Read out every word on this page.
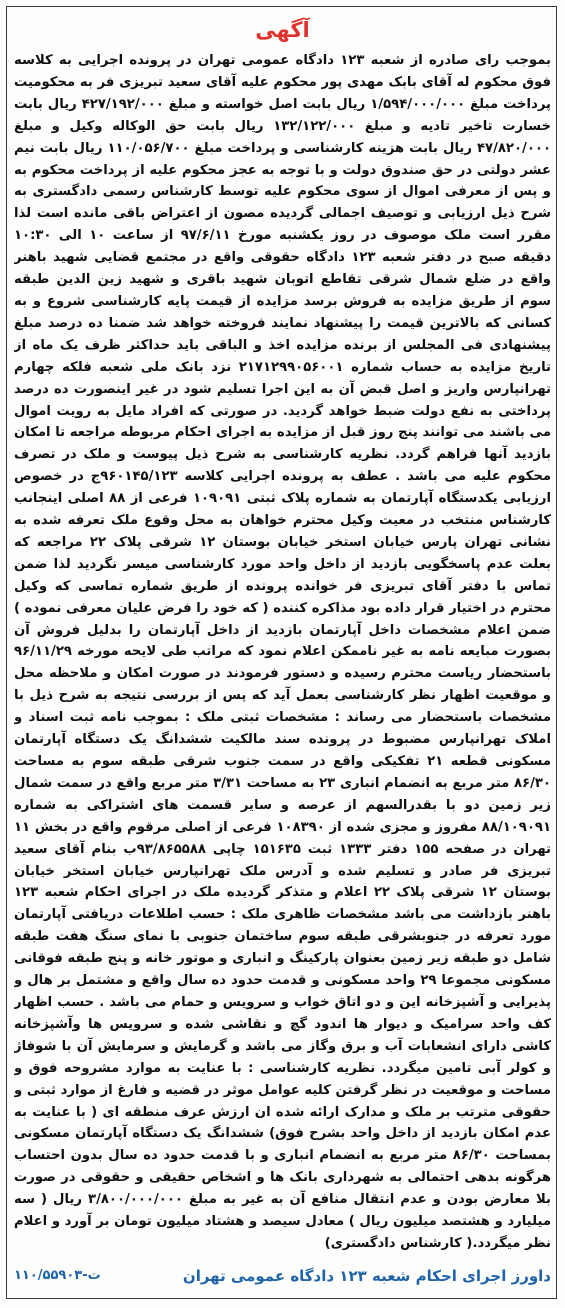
آگهی
بموجب رای صادره از شعبه ۱۲۳ دادگاه عمومی تهران در پرونده اجرایی به کلاسه فوق محکوم له آقای بابک مهدی پور محکوم علیه آقای سعید تبریزی فر به محکومیت پرداخت مبلغ ۱/۵۹۴/۰۰۰/۰۰۰ ریال بابت اصل خواسته و مبلغ ۴۲۷/۱۹۲/۰۰۰ ریال بابت خسارت تاخیر تادیه و مبلغ ۱۳۲/۱۲۲/۰۰۰ ریال بابت حق الوکاله وکیل و مبلغ ۴۷/۸۲۰/۰۰۰ ریال بابت هزینه کارشناسی و پرداخت مبلغ ۱۱۰/۰۵۶/۷۰۰ ریال بابت نیم عشر دولتی در حق صندوق دولت و با توجه به عجز محکوم علیه از پرداخت محکوم به و پس از معرفی اموال از سوی محکوم علیه توسط کارشناس رسمی دادگستری به شرح ذیل ارزیابی و توصیف اجمالی گردیده مصون از اعتراض باقی مانده است لذا مقرر است ملک موصوف در روز یکشنبه مورخ ۹۷/۶/۱۱ از ساعت ۱۰ الی ۱۰:۳۰ دقیقه صبح در دفتر شعبه ۱۲۳ دادگاه حقوقی واقع در مجتمع قضایی شهید باهنر واقع در ضلع شمال شرقی تقاطع اتوبان شهید باقری و شهید زین الدین طبقه سوم از طریق مزایده به فروش برسد مزایده از قیمت پایه کارشناسی شروع و به کسانی که بالاترین قیمت را پیشنهاد نمایند فروخته خواهد شد ضمنا ده درصد مبلغ پیشنهادی فی المجلس از برنده مزایده اخذ و الباقی باید حداکثر ظرف یک ماه از تاریخ مزایده به حساب شماره ۲۱۷۱۲۹۹۰۵۶۰۰۱ نزد بانک ملی شعبه فلکه چهارم تهرانپارس واریز و اصل قبض آن به این اجرا تسلیم شود در غیر اینصورت ده درصد پرداختی به نفع دولت ضبط خواهد گردید. در صورتی که افراد مایل به رویت اموال می باشند می توانند پنج روز قبل از مزایده به اجرای احکام مربوطه مراجعه تا امکان بازدید آنها فراهم گردد. نظریه کارشناسی به شرح ذیل پیوست و ملک در تصرف محکوم علیه می باشد . عطف به پرونده اجرایی کلاسه ۹۶۰۱۴۵/۱۲۳ج در خصوص ارزیابی یکدستگاه آپارتمان به شماره پلاک ثبتی ۱۰۹۰۹۱ فرعی از ۸۸ اصلی اینجانب کارشناس منتخب در معیت وکیل محترم خواهان به محل وقوع ملک تعرفه شده به نشانی تهران پارس خیابان استخر خیابان بوستان ۱۲ شرقی پلاک ۲۲ مراجعه که بعلت عدم پاسخگویی بازدید از داخل واحد مورد کارشناسی میسر نگردید لذا ضمن تماس با دفتر آقای تبریزی فر خوانده پرونده از طریق شماره تماسی که وکیل محترم در اختیار قرار داده بود مذاکره کننده ( که خود را فرض علیان معرفی نموده ) ضمن اعلام مشخصات داخل آپارتمان بازدید از داخل آپارتمان را بدلیل فروش آن بصورت مبایعه نامه به غیر ناممکن اعلام نمود که مراتب طی لایحه مورخه ۹۶/۱۱/۲۹ باستحضار ریاست محترم رسیده و دستور فرمودند در صورت امکان و ملاحظه محل و موقعیت اظهار نظر کارشناسی بعمل آید که پس از بررسی نتیجه به شرح ذیل با مشخصات باستحضار می رساند : مشخصات ثبتی ملک : بموجب نامه ثبت اسناد و املاک تهرانپارس مضبوط در پرونده سند مالکیت ششدانگ یک دستگاه آپارتمان مسکونی قطعه ۲۱ تفکیکی واقع در سمت جنوب شرقی طبقه سوم به مساحت ۸۶/۳۰ متر مربع به انضمام انباری ۲۳ به مساحت ۳/۳۱ متر مربع واقع در سمت شمال زیر زمین دو با بقدرالسهم از عرصه و سایر قسمت های اشتراکی به شماره ۸۸/۱۰۹۰۹۱ مفروز و مجزی شده از ۱۰۸۳۹۰ فرعی از اصلی مرقوم واقع در بخش ۱۱ تهران در صفحه ۱۵۵ دفتر ۱۳۳۳ ثبت ۱۵۱۶۳۵ چاپی ۹۳/۸۶۵۵۸۸ب بنام آقای سعید تبریزی فر صادر و تسلیم شده و آدرس ملک تهرانپارس خیابان استخر خیابان بوستان ۱۲ شرقی پلاک ۲۲ اعلام و متذکر گردیده ملک در اجرای احکام شعبه ۱۲۳ باهنر بازداشت می باشد مشخصات ظاهری ملک : حسب اطلاعات دریافتی آپارتمان مورد تعرفه در جنوبشرقی طبقه سوم ساختمان جنوبی با نمای سنگ هفت طبقه شامل دو طبقه زیر زمین بعنوان پارکینگ و انباری و موتور خانه و پنج طبقه فوقانی مسکونی مجموعا ۲۹ واحد مسکونی و قدمت حدود ده سال واقع و مشتمل بر هال و پذیرایی و آشپزخانه این و دو اتاق خواب و سرویس و حمام می باشد . حسب اظهار کف واحد سرامیک و دیوار ها اندود گچ و نقاشی شده و سرویس ها وآشپزخانه کاشی دارای انشعابات آب و برق وگاز می باشد و گرمایش و سرمایش آن با شوفاژ و کولر آبی تامین میگردد. نظریه کارشناسی : با عنایت به موارد مشروحه فوق و مساحت و موقعیت در نظر گرفتن کلیه عوامل موثر در قضیه و فارغ از موارد ثبتی و حقوقی مترتب بر ملک و مدارک ارائه شده ان ارزش عرف منطقه ای ( با عنایت به عدم امکان بازدید از داخل واحد بشرح فوق) ششدانگ یک دستگاه آپارتمان مسکونی بمساحت ۸۶/۳۰ متر مربع به انضمام انباری و با قدمت حدود ده سال بدون احتساب هرگونه بدهی احتمالی به شهرداری بانک ها و اشخاص حقیقی و حقوقی در صورت بلا معارض بودن و عدم انتقال منافع آن به غیر به مبلغ ۳/۸۰۰/۰۰۰/۰۰۰ ریال ( سه میلیارد و هشتصد میلیون ریال ) معادل سیصد و هشتاد میلیون تومان بر آورد و اعلام نظر میگردد.( کارشناس دادگستری)
داورز اجرای احکام شعبه ۱۲۳ دادگاه عمومی تهران
۱۱۰/۵۵۹۰۳-ت
